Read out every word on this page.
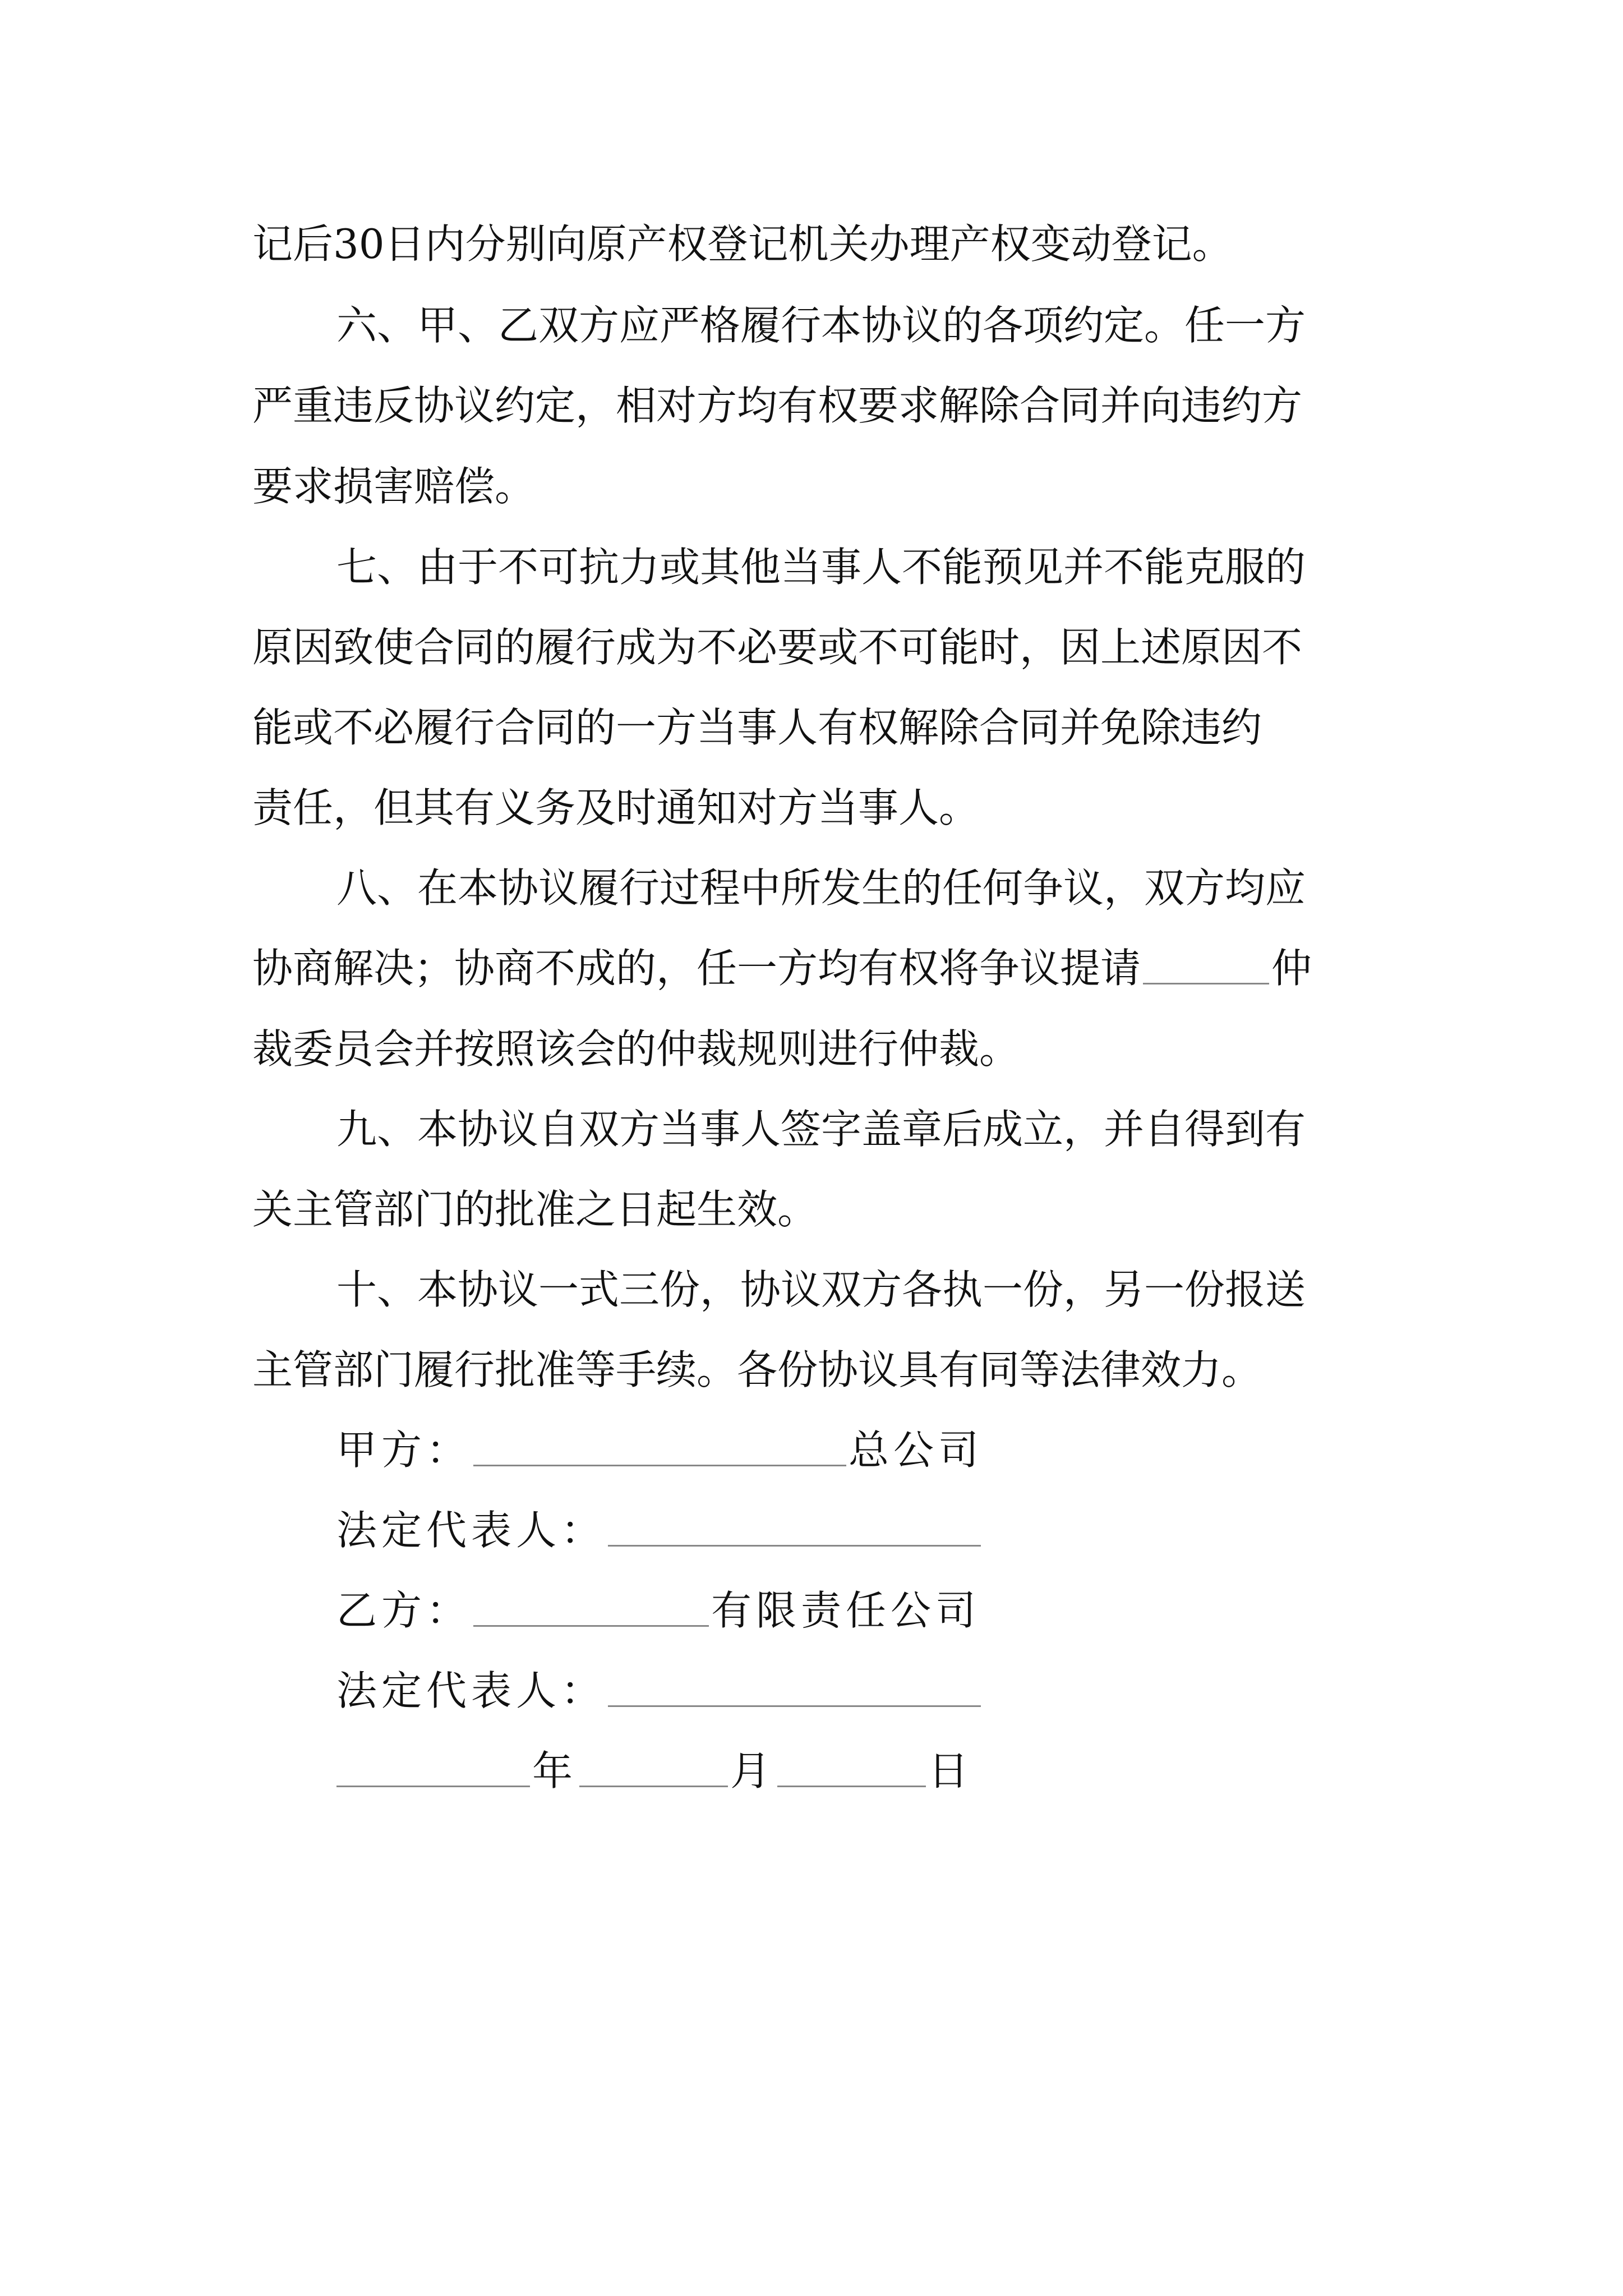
记后30日内分别向原产权登记机关办理产权变动登记。
六、甲、乙双方应严格履行本协议的各项约定。任一方
严重违反协议约定，相对方均有权要求解除合同并向违约方
要求损害赔偿。
七、由于不可抗力或其他当事人不能预见并不能克服的
原因致使合同的履行成为不必要或不可能时，因上述原因不
能或不必履行合同的一方当事人有权解除合同并免除违约
责任，但其有义务及时通知对方当事人。
八、在本协议履行过程中所发生的任何争议，双方均应
协商解决；协商不成的，任一方均有权将争议提请	仲
裁委员会并按照该会的仲裁规则进行仲裁。
九、本协议自双方当事人签字盖章后成立，并自得到有
关主管部门的批准之日起生效。
十、本协议一式三份，协议双方各执一份，另一份报送
主管部门履行批准等手续。各份协议具有同等法律效力。
甲方：	总公司
法定代表人：
乙方：	有限责任公司
法定代表人：
年	月	日
